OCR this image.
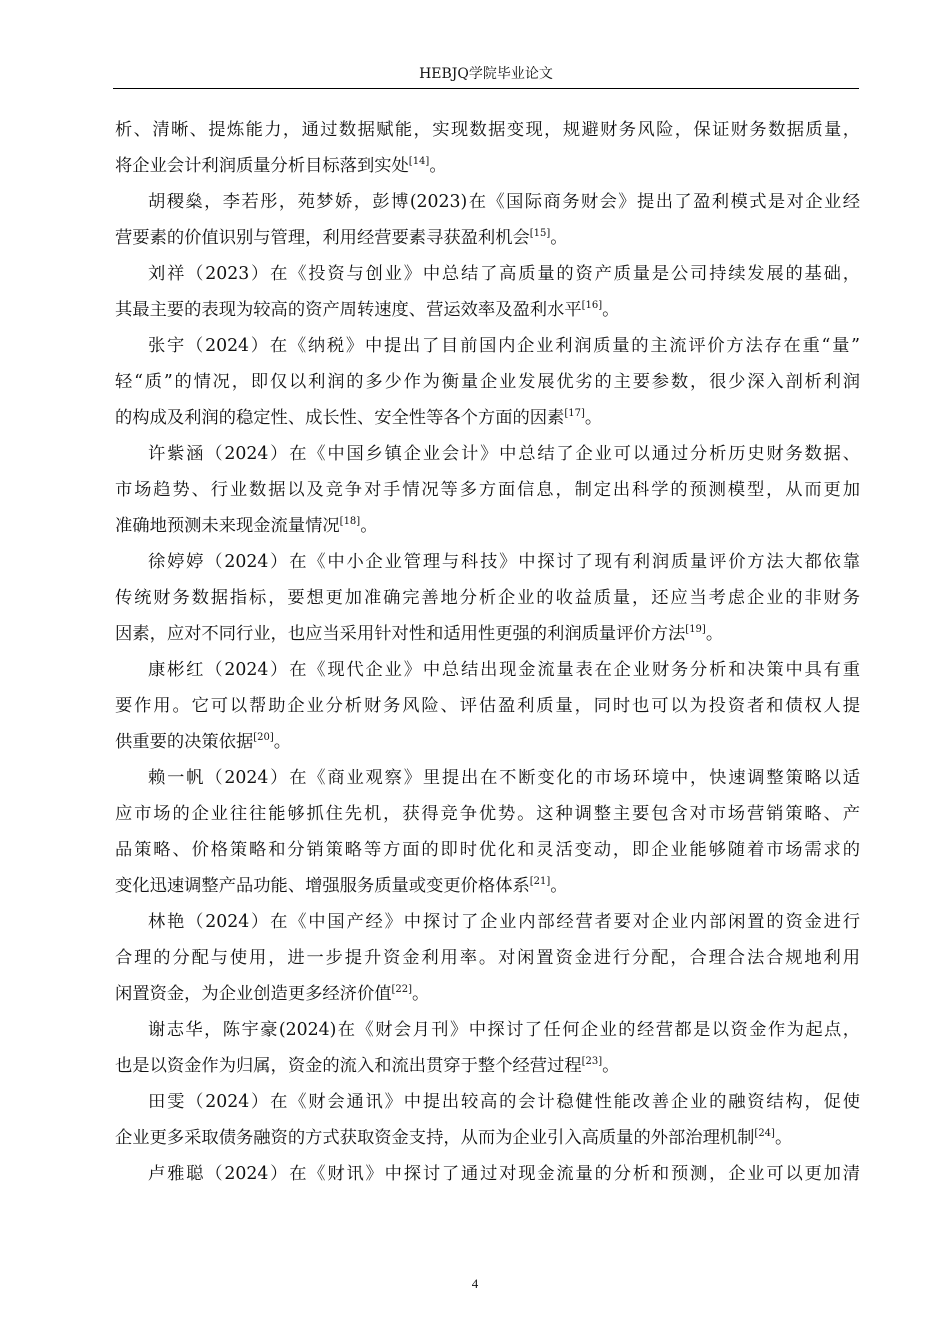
HEBJQ学院毕业论文
析、清晰、提炼能力，通过数据赋能，实现数据变现，规避财务风险，保证财务数据质量，
将企业会计利润质量分析目标落到实处[14]。
胡稷燊，李若彤，苑梦娇，彭博(2023)在《国际商务财会》提出了盈利模式是对企业经
营要素的价值识别与管理，利用经营要素寻获盈利机会[15]。
刘祥（2023）在《投资与创业》中总结了高质量的资产质量是公司持续发展的基础，
其最主要的表现为较高的资产周转速度、营运效率及盈利水平[16]。
张宇（2024）在《纳税》中提出了目前国内企业利润质量的主流评价方法存在重“量”
轻“质”的情况，即仅以利润的多少作为衡量企业发展优劣的主要参数，很少深入剖析利润
的构成及利润的稳定性、成长性、安全性等各个方面的因素[17]。
许紫涵（2024）在《中国乡镇企业会计》中总结了企业可以通过分析历史财务数据、
市场趋势、行业数据以及竞争对手情况等多方面信息，制定出科学的预测模型，从而更加
准确地预测未来现金流量情况[18]。
徐婷婷（2024）在《中小企业管理与科技》中探讨了现有利润质量评价方法大都依靠
传统财务数据指标，要想更加准确完善地分析企业的收益质量，还应当考虑企业的非财务
因素，应对不同行业，也应当采用针对性和适用性更强的利润质量评价方法[19]。
康彬红（2024）在《现代企业》中总结出现金流量表在企业财务分析和决策中具有重
要作用。它可以帮助企业分析财务风险、评估盈利质量，同时也可以为投资者和债权人提
供重要的决策依据[20]。
赖一帆（2024）在《商业观察》里提出在不断变化的市场环境中，快速调整策略以适
应市场的企业往往能够抓住先机，获得竞争优势。这种调整主要包含对市场营销策略、产
品策略、价格策略和分销策略等方面的即时优化和灵活变动，即企业能够随着市场需求的
变化迅速调整产品功能、增强服务质量或变更价格体系[21]。
林艳（2024）在《中国产经》中探讨了企业内部经营者要对企业内部闲置的资金进行
合理的分配与使用，进一步提升资金利用率。对闲置资金进行分配，合理合法合规地利用
闲置资金，为企业创造更多经济价值[22]。
谢志华，陈宇豪(2024)在《财会月刊》中探讨了任何企业的经营都是以资金作为起点，
也是以资金作为归属，资金的流入和流出贯穿于整个经营过程[23]。
田雯（2024）在《财会通讯》中提出较高的会计稳健性能改善企业的融资结构，促使
企业更多采取债务融资的方式获取资金支持，从而为企业引入高质量的外部治理机制[24]。
卢雅聪（2024）在《财讯》中探讨了通过对现金流量的分析和预测，企业可以更加清
4
